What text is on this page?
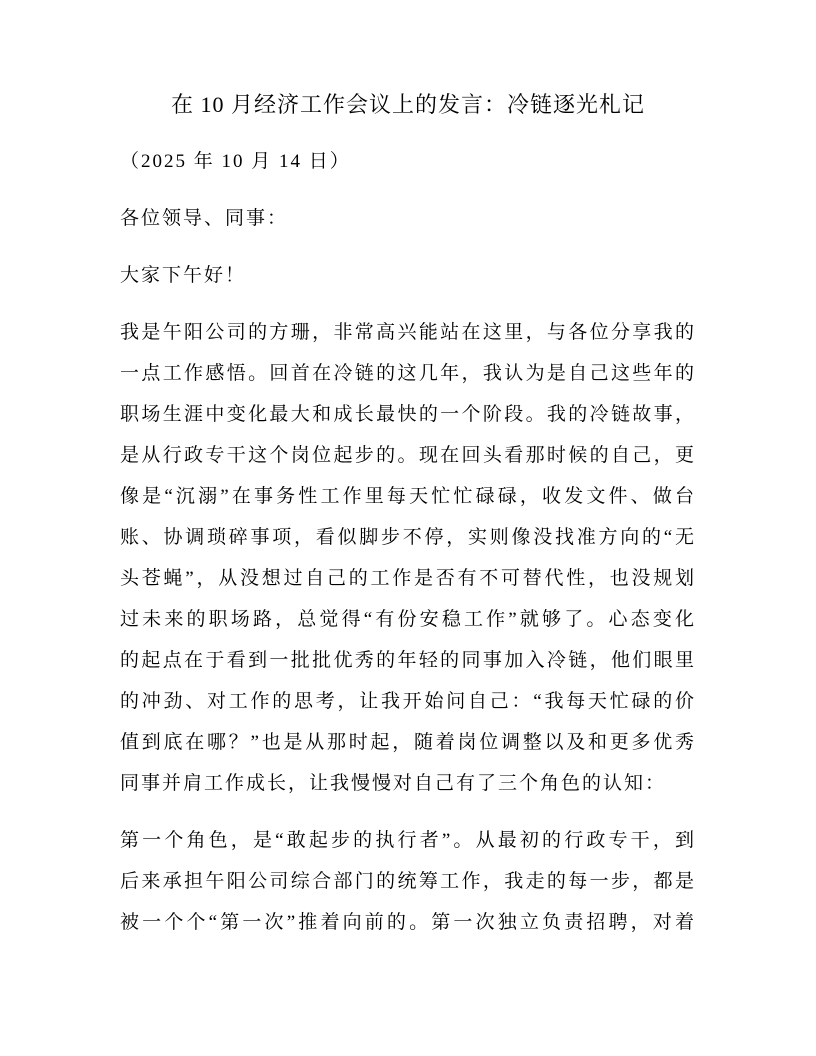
在 10 月经济工作会议上的发言：冷链逐光札记
（2025 年 10 月 14 日）
各位领导、同事：
大家下午好！
我是午阳公司的方珊，非常高兴能站在这里，与各位分享我的
一点工作感悟。回首在冷链的这几年，我认为是自己这些年的
职场生涯中变化最大和成长最快的一个阶段。我的冷链故事，
是从行政专干这个岗位起步的。现在回头看那时候的自己，更
像是“沉溺”在事务性工作里每天忙忙碌碌，收发文件、做台
账、协调琐碎事项，看似脚步不停，实则像没找准方向的“无
头苍蝇”，从没想过自己的工作是否有不可替代性，也没规划
过未来的职场路，总觉得“有份安稳工作”就够了。心态变化
的起点在于看到一批批优秀的年轻的同事加入冷链，他们眼里
的冲劲、对工作的思考，让我开始问自己：“我每天忙碌的价
值到底在哪？”也是从那时起，随着岗位调整以及和更多优秀
同事并肩工作成长，让我慢慢对自己有了三个角色的认知：
第一个角色，是“敢起步的执行者”。从最初的行政专干，到
后来承担午阳公司综合部门的统筹工作，我走的每一步，都是
被一个个“第一次”推着向前的。第一次独立负责招聘，对着
